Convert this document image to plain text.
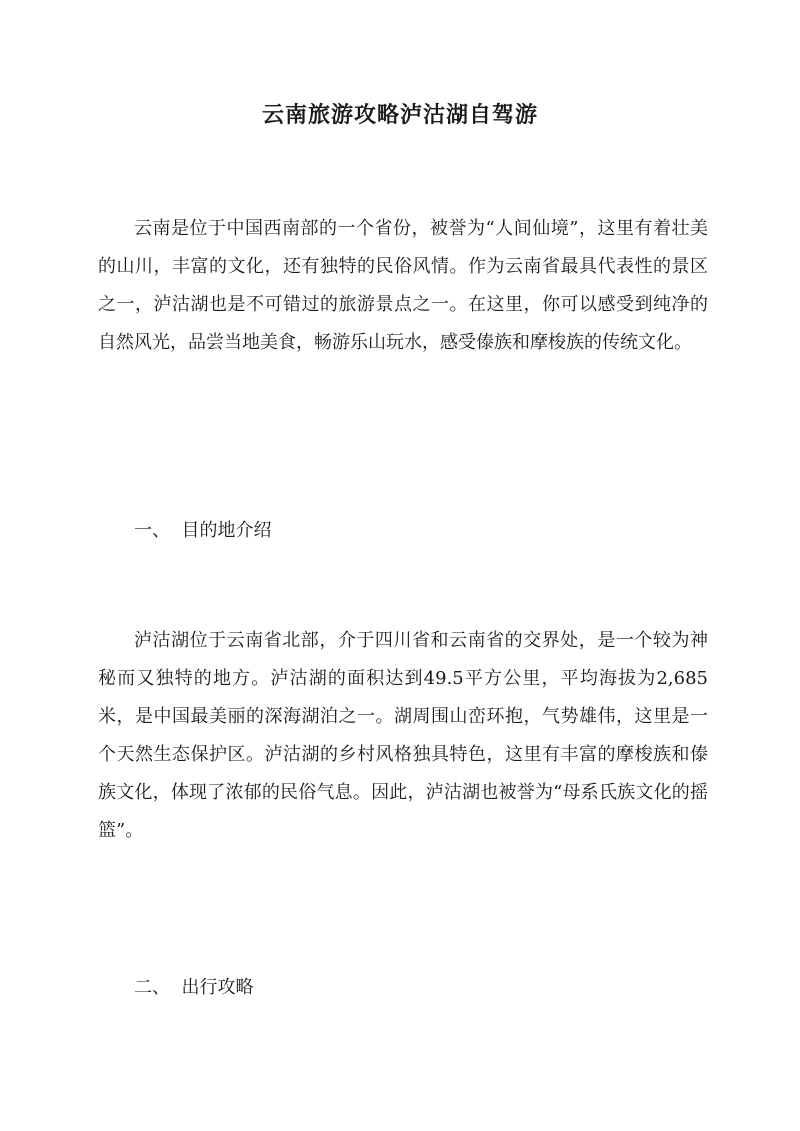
云南旅游攻略泸沽湖自驾游

云南是位于中国西南部的一个省份，被誉为“人间仙境”，这里有着壮美的山川，丰富的文化，还有独特的民俗风情。作为云南省最具代表性的景区之一，泸沽湖也是不可错过的旅游景点之一。在这里，你可以感受到纯净的自然风光，品尝当地美食，畅游乐山玩水，感受傣族和摩梭族的传统文化。

一、  目的地介绍

泸沽湖位于云南省北部，介于四川省和云南省的交界处，是一个较为神秘而又独特的地方。泸沽湖的面积达到49.5平方公里，平均海拔为2,685米，是中国最美丽的深海湖泊之一。湖周围山峦环抱，气势雄伟，这里是一个天然生态保护区。泸沽湖的乡村风格独具特色，这里有丰富的摩梭族和傣族文化，体现了浓郁的民俗气息。因此，泸沽湖也被誉为“母系氏族文化的摇篮”。

二、  出行攻略
